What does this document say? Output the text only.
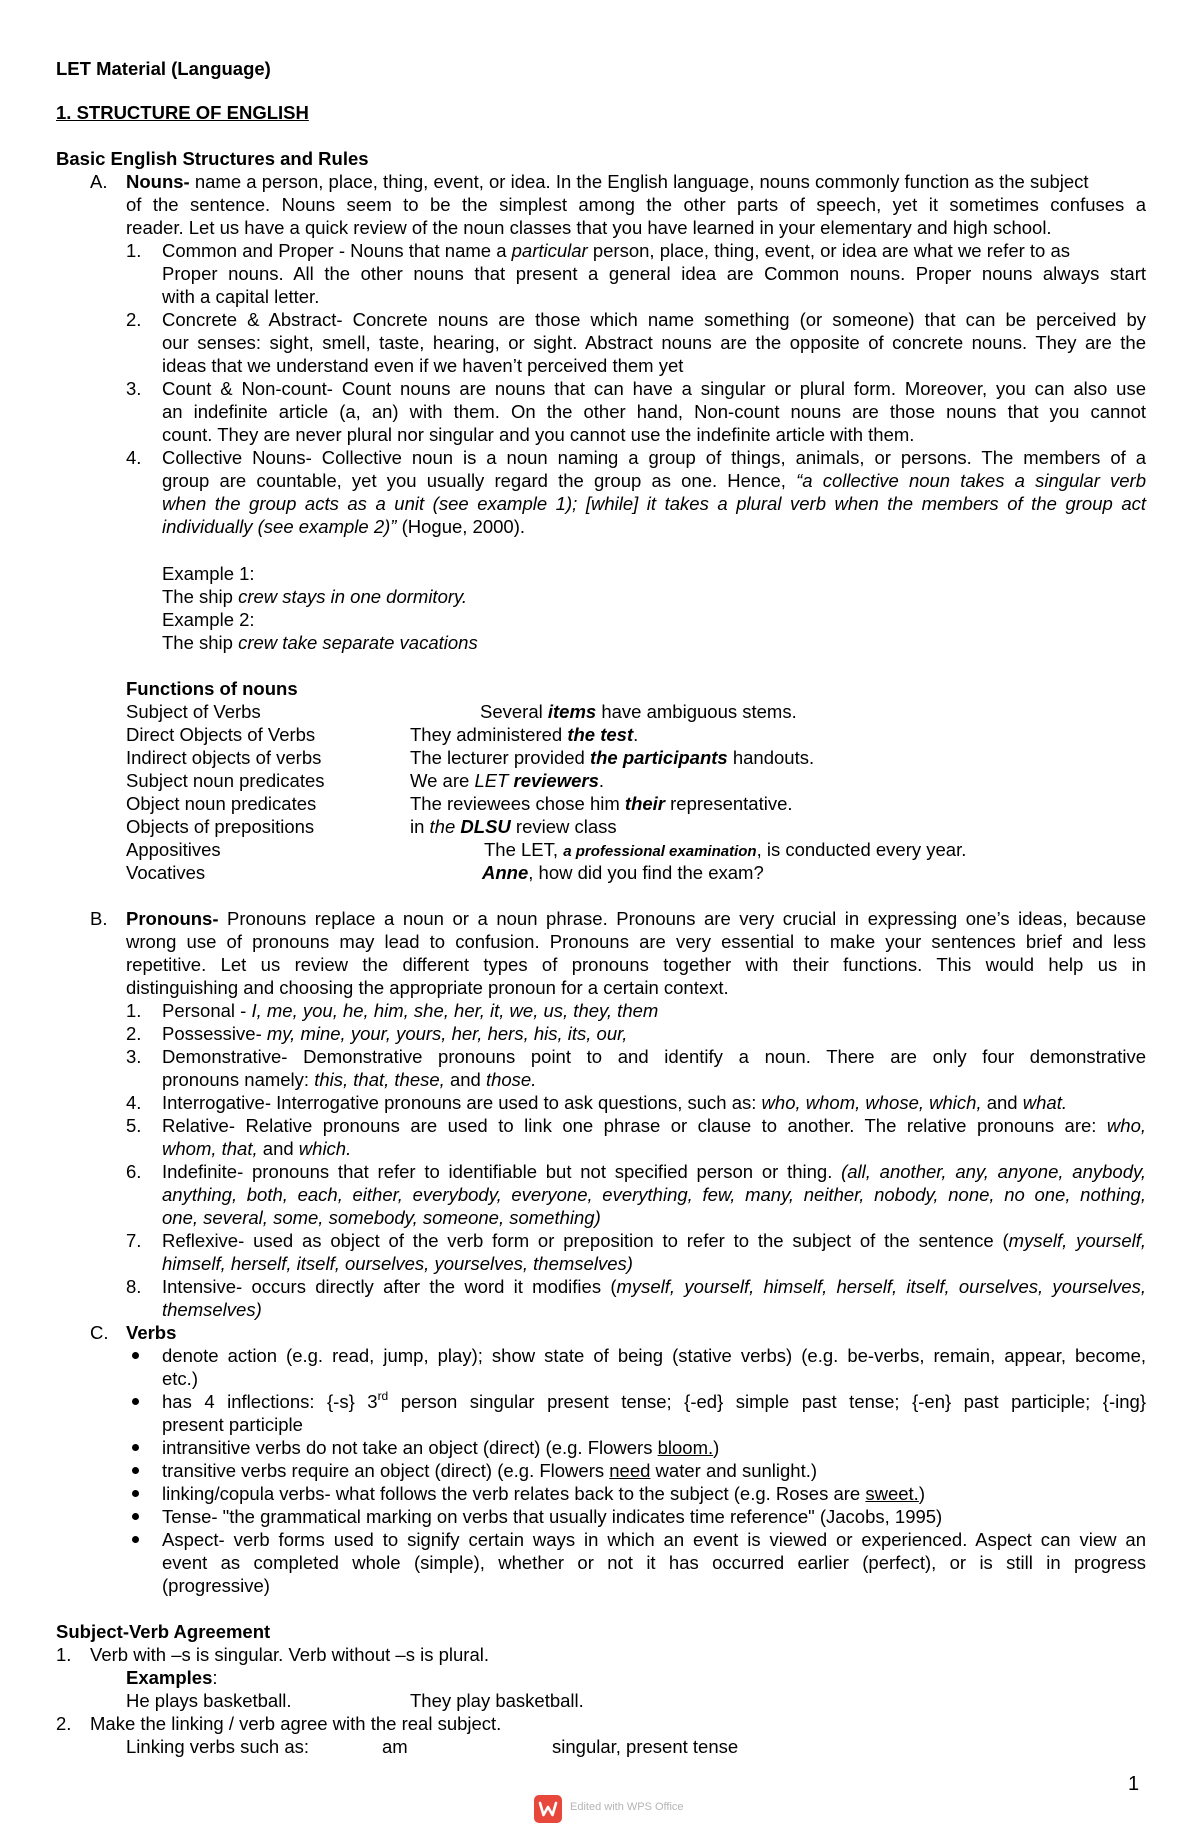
LET Material (Language)
1. STRUCTURE OF ENGLISH
Basic English Structures and Rules
A. Nouns- name a person, place, thing, event, or idea. In the English language, nouns commonly function as the subject
of the sentence. Nouns seem to be the simplest among the other parts of speech, yet it sometimes confuses a
reader. Let us have a quick review of the noun classes that you have learned in your elementary and high school.
1. Common and Proper - Nouns that name a particular person, place, thing, event, or idea are what we refer to as
Proper nouns. All the other nouns that present a general idea are Common nouns. Proper nouns always start
with a capital letter.
2. Concrete & Abstract- Concrete nouns are those which name something (or someone) that can be perceived by
our senses: sight, smell, taste, hearing, or sight. Abstract nouns are the opposite of concrete nouns. They are the
ideas that we understand even if we haven’t perceived them yet
3. Count & Non-count- Count nouns are nouns that can have a singular or plural form. Moreover, you can also use
an indefinite article (a, an) with them. On the other hand, Non-count nouns are those nouns that you cannot
count. They are never plural nor singular and you cannot use the indefinite article with them.
4. Collective Nouns- Collective noun is a noun naming a group of things, animals, or persons. The members of a
group are countable, yet you usually regard the group as one. Hence, “a collective noun takes a singular verb
when the group acts as a unit (see example 1); [while] it takes a plural verb when the members of the group act
individually (see example 2)” (Hogue, 2000).
Example 1:
The ship crew stays in one dormitory.
Example 2:
The ship crew take separate vacations
Functions of nouns
Subject of Verbs	Several items have ambiguous stems.
Direct Objects of Verbs	They administered the test.
Indirect objects of verbs	The lecturer provided the participants handouts.
Subject noun predicates	We are LET reviewers.
Object noun predicates	The reviewees chose him their representative.
Objects of prepositions	in the DLSU review class
Appositives	The LET, a professional examination, is conducted every year.
Vocatives	Anne, how did you find the exam?
B. Pronouns- Pronouns replace a noun or a noun phrase. Pronouns are very crucial in expressing one’s ideas, because
wrong use of pronouns may lead to confusion. Pronouns are very essential to make your sentences brief and less
repetitive. Let us review the different types of pronouns together with their functions. This would help us in
distinguishing and choosing the appropriate pronoun for a certain context.
1. Personal - I, me, you, he, him, she, her, it, we, us, they, them
2. Possessive- my, mine, your, yours, her, hers, his, its, our,
3. Demonstrative- Demonstrative pronouns point to and identify a noun. There are only four demonstrative
pronouns namely: this, that, these, and those.
4. Interrogative- Interrogative pronouns are used to ask questions, such as: who, whom, whose, which, and what.
5. Relative- Relative pronouns are used to link one phrase or clause to another. The relative pronouns are: who,
whom, that, and which.
6. Indefinite- pronouns that refer to identifiable but not specified person or thing. (all, another, any, anyone, anybody,
anything, both, each, either, everybody, everyone, everything, few, many, neither, nobody, none, no one, nothing,
one, several, some, somebody, someone, something)
7. Reflexive- used as object of the verb form or preposition to refer to the subject of the sentence (myself, yourself,
himself, herself, itself, ourselves, yourselves, themselves)
8. Intensive- occurs directly after the word it modifies (myself, yourself, himself, herself, itself, ourselves, yourselves,
themselves)
C. Verbs
denote action (e.g. read, jump, play); show state of being (stative verbs) (e.g. be-verbs, remain, appear, become,
etc.)
has 4 inflections: {-s} 3rd person singular present tense; {-ed} simple past tense; {-en} past participle; {-ing}
present participle
intransitive verbs do not take an object (direct) (e.g. Flowers bloom.)
transitive verbs require an object (direct) (e.g. Flowers need water and sunlight.)
linking/copula verbs- what follows the verb relates back to the subject (e.g. Roses are sweet.)
Tense- "the grammatical marking on verbs that usually indicates time reference" (Jacobs, 1995)
Aspect- verb forms used to signify certain ways in which an event is viewed or experienced. Aspect can view an
event as completed whole (simple), whether or not it has occurred earlier (perfect), or is still in progress
(progressive)
Subject-Verb Agreement
1. Verb with –s is singular. Verb without –s is plural.
Examples:
He plays basketball.	They play basketball.
2. Make the linking / verb agree with the real subject.
Linking verbs such as:	am	singular, present tense
Edited with WPS Office
1
